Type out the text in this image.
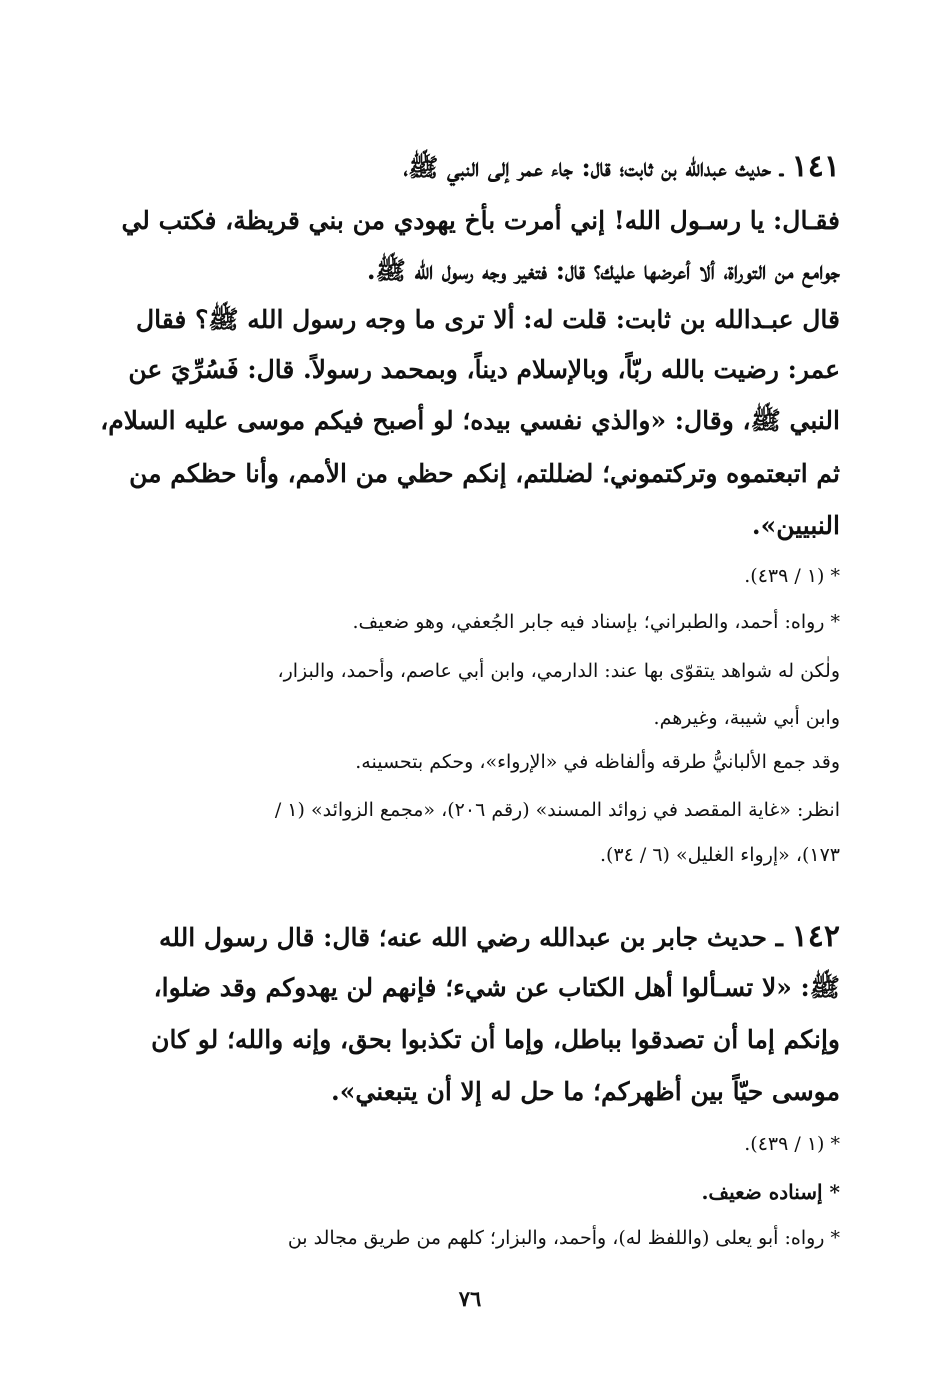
١٤١ ـ حديث عبدالله بن ثابت؛ قال: جاء عمر إلى النبي ﷺ،
فقـال: يا رسـول الله! إني أمرت بأخ يهودي من بني قريظة، فكتب لي
جوامع من التوراة، ألا أعرضها عليك؟ قال: فتغير وجه رسول الله ﷺ.
قال عبـدالله بن ثابت: قلت له: ألا ترى ما وجه رسول الله ﷺ؟ فقال
عمر: رضيت بالله ربّاً، وبالإسلام ديناً، وبمحمد رسولاً. قال: فَسُرِّيَ عن
النبي ﷺ، وقال: «والذي نفسي بيده؛ لو أصبح فيكم موسى عليه السلام،
ثم اتبعتموه وتركتموني؛ لضللتم، إنكم حظي من الأمم، وأنا حظكم من
النبيين».
* (١ / ٤٣٩).
* رواه: أحمد، والطبراني؛ بإسناد فيه جابر الجُعفي، وهو ضعيف.
ولٰكن له شواهد يتقوّى بها عند: الدارمي، وابن أبي عاصم، وأحمد، والبزار،
وابن أبي شيبة، وغيرهم.
وقد جمع الألبانيُّ طرقه وألفاظه في «الإرواء»، وحكم بتحسينه.
انظر: «غاية المقصد في زوائد المسند» (رقم ٢٠٦)، «مجمع الزوائد» (١ /
١٧٣)، «إرواء الغليل» (٦ / ٣٤).
١٤٢ ـ حديث جابر بن عبدالله رضي الله عنه؛ قال: قال رسول الله
ﷺ: «لا تسـألوا أهل الكتاب عن شيء؛ فإنهم لن يهدوكم وقد ضلوا،
وإنكم إما أن تصدقوا بباطل، وإما أن تكذبوا بحق، وإنه والله؛ لو كان
موسى حيّاً بين أظهركم؛ ما حل له إلا أن يتبعني».
* (١ / ٤٣٩).
* إسناده ضعيف.
* رواه: أبو يعلى (واللفظ له)، وأحمد، والبزار؛ كلهم من طريق مجالد بن
٧٦
